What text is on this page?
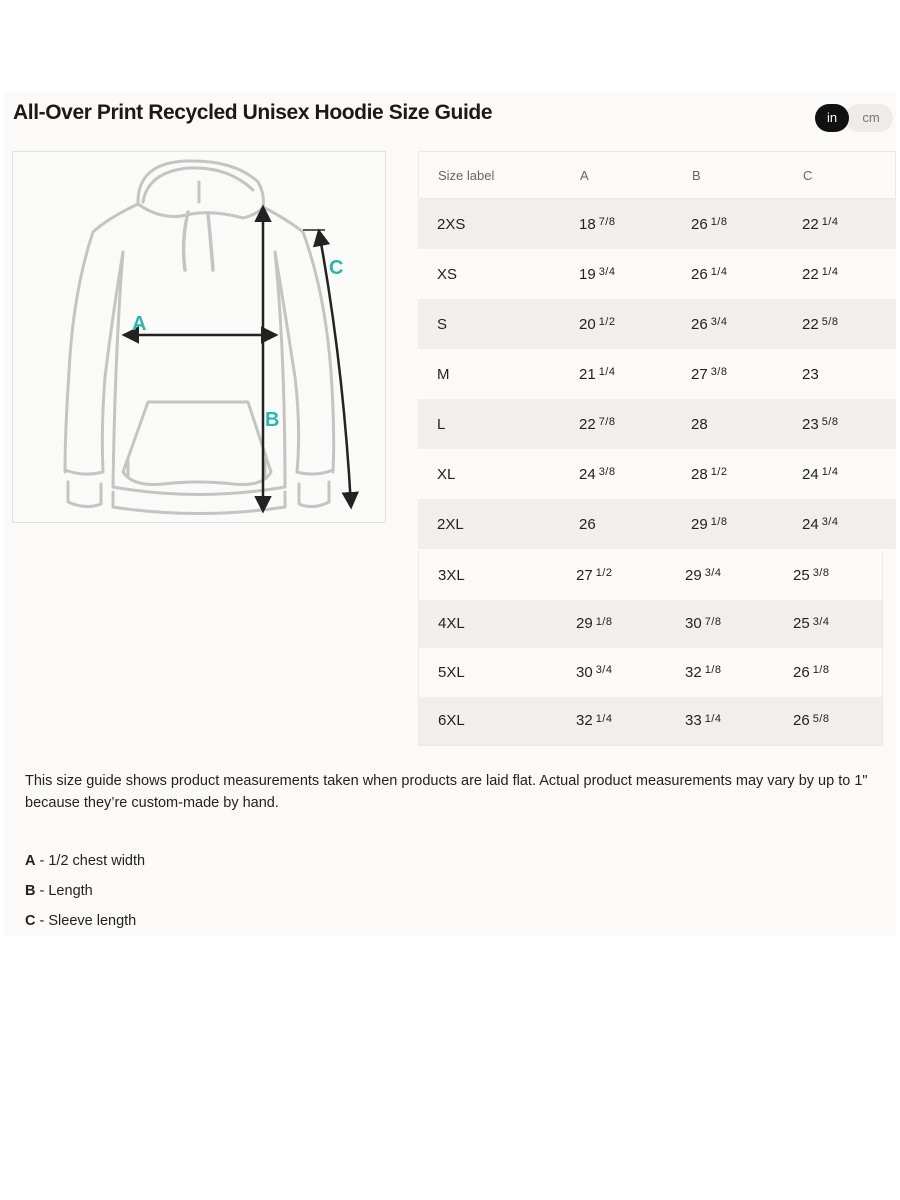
All-Over Print Recycled Unisex Hoodie Size Guide	in	cm
A
B
C
Size label	A	B	C
2XS	18 7/8	26 1/8	22 1/4
XS	19 3/4	26 1/4	22 1/4
S	20 1/2	26 3/4	22 5/8
M	21 1/4	27 3/8	23
L	22 7/8	28	23 5/8
XL	24 3/8	28 1/2	24 1/4
2XL	26	29 1/8	24 3/4
3XL	27 1/2	29 3/4	25 3/8
4XL	29 1/8	30 7/8	25 3/4
5XL	30 3/4	32 1/8	26 1/8
6XL	32 1/4	33 1/4	26 5/8
This size guide shows product measurements taken when products are laid flat. Actual product measurements may vary by up to 1" because they’re custom-made by hand.
A - 1/2 chest width
B - Length
C - Sleeve length
